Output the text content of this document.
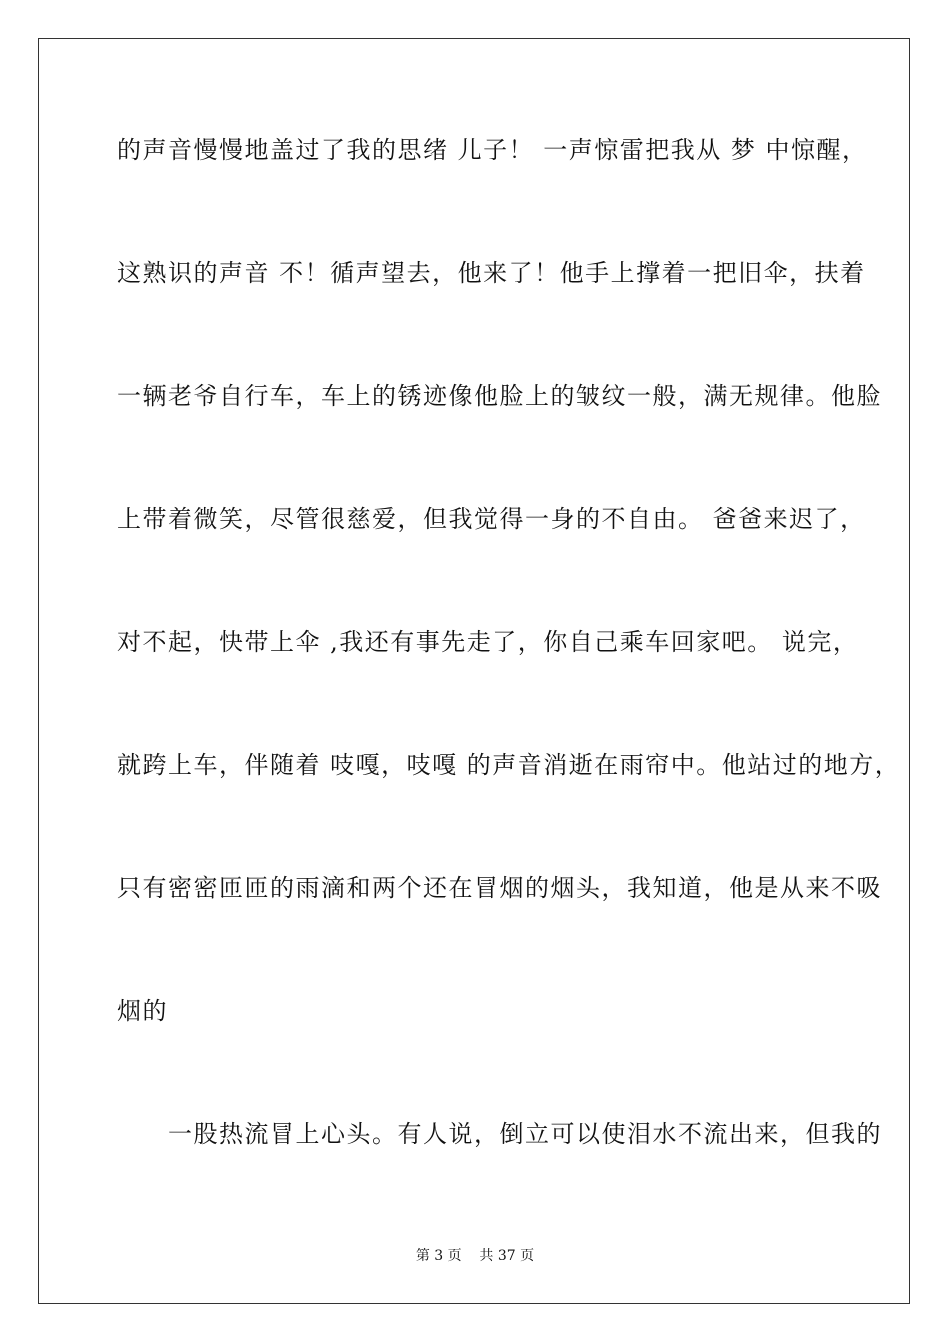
的声音慢慢地盖过了我的思绪 儿子！ 一声惊雷把我从 梦 中惊醒，
这熟识的声音 不！循声望去，他来了！他手上撑着一把旧伞，扶着
一辆老爷自行车，车上的锈迹像他脸上的皱纹一般，满无规律。他脸
上带着微笑，尽管很慈爱，但我觉得一身的不自由。 爸爸来迟了，
对不起，快带上伞 ,我还有事先走了，你自己乘车回家吧。 说完，
就跨上车，伴随着 吱嘎，吱嘎 的声音消逝在雨帘中。他站过的地方，
只有密密匝匝的雨滴和两个还在冒烟的烟头，我知道，他是从来不吸
烟的
　　一股热流冒上心头。有人说，倒立可以使泪水不流出来，但我的
第 3 页    共 37 页
